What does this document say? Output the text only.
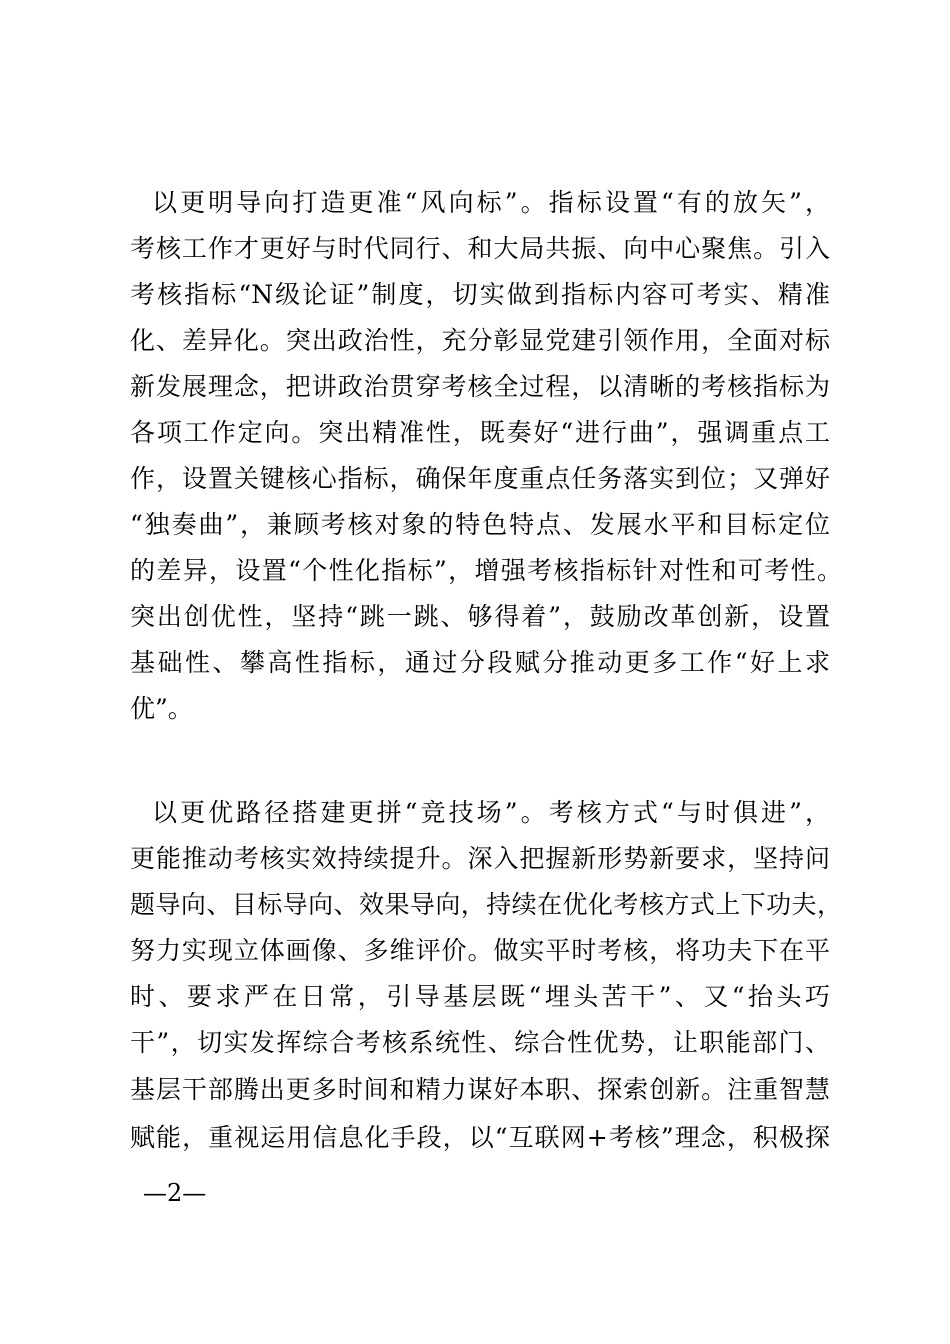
以更明导向打造更准“风向标”。指标设置“有的放矢”，
考核工作才更好与时代同行、和大局共振、向中心聚焦。引入
考核指标“N级论证”制度，切实做到指标内容可考实、精准
化、差异化。突出政治性，充分彰显党建引领作用，全面对标
新发展理念，把讲政治贯穿考核全过程，以清晰的考核指标为
各项工作定向。突出精准性，既奏好“进行曲”，强调重点工
作，设置关键核心指标，确保年度重点任务落实到位；又弹好
“独奏曲”，兼顾考核对象的特色特点、发展水平和目标定位
的差异，设置“个性化指标”，增强考核指标针对性和可考性。
突出创优性，坚持“跳一跳、够得着”，鼓励改革创新，设置
基础性、攀高性指标，通过分段赋分推动更多工作“好上求
优”。
以更优路径搭建更拼“竞技场”。考核方式“与时俱进”，
更能推动考核实效持续提升。深入把握新形势新要求，坚持问
题导向、目标导向、效果导向，持续在优化考核方式上下功夫，
努力实现立体画像、多维评价。做实平时考核，将功夫下在平
时、要求严在日常，引导基层既“埋头苦干”、又“抬头巧
干”，切实发挥综合考核系统性、综合性优势，让职能部门、
基层干部腾出更多时间和精力谋好本职、探索创新。注重智慧
赋能，重视运用信息化手段，以“互联网+考核”理念，积极探
—2—
